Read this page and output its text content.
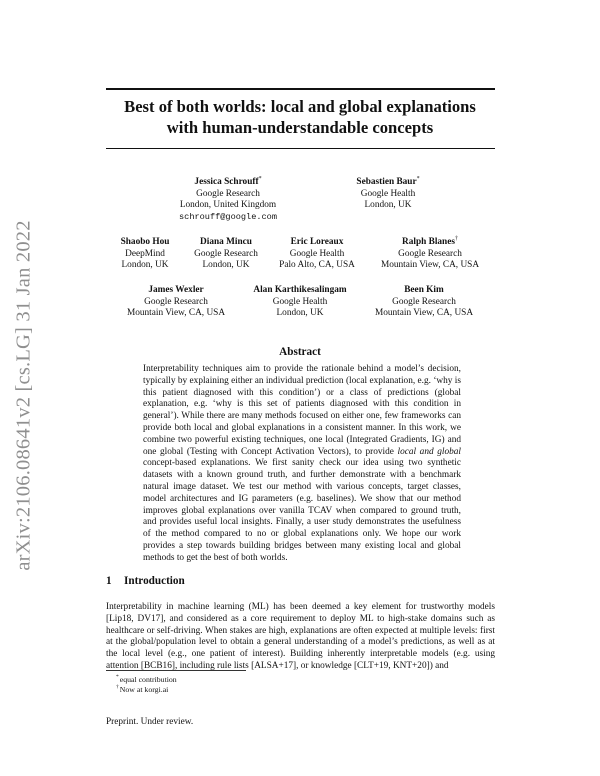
arXiv:2106.08641v2 [cs.LG] 31 Jan 2022
Best of both worlds: local and global explanations
with human-understandable concepts
Jessica Schrouff*
Google Research
London, United Kingdom
schrouff@google.com
Sebastien Baur*
Google Health
London, UK
Shaobo Hou
DeepMind
London, UK
Diana Mincu
Google Research
London, UK
Eric Loreaux
Google Health
Palo Alto, CA, USA
Ralph Blanes†
Google Research
Mountain View, CA, USA
James Wexler
Google Research
Mountain View, CA, USA
Alan Karthikesalingam
Google Health
London, UK
Been Kim
Google Research
Mountain View, CA, USA
Abstract
Interpretability techniques aim to provide the rationale behind a model’s decision, typically by explaining either an individual prediction (local explanation, e.g. ‘why is this patient diagnosed with this condition’) or a class of predictions (global explanation, e.g. ‘why is this set of patients diagnosed with this condition in general’). While there are many methods focused on either one, few frameworks can provide both local and global explanations in a consistent manner. In this work, we combine two powerful existing techniques, one local (Integrated Gradients, IG) and one global (Testing with Concept Activation Vectors), to provide local and global concept-based explanations. We first sanity check our idea using two synthetic datasets with a known ground truth, and further demonstrate with a benchmark natural image dataset. We test our method with various concepts, target classes, model architectures and IG parameters (e.g. baselines). We show that our method improves global explanations over vanilla TCAV when compared to ground truth, and provides useful local insights. Finally, a user study demonstrates the usefulness of the method compared to no or global explanations only. We hope our work provides a step towards building bridges between many existing local and global methods to get the best of both worlds.
1 Introduction
Interpretability in machine learning (ML) has been deemed a key element for trustworthy models [Lip18, DV17], and considered as a core requirement to deploy ML to high-stake domains such as healthcare or self-driving. When stakes are high, explanations are often expected at multiple levels: first at the global/population level to obtain a general understanding of a model’s predictions, as well as at the local level (e.g., one patient of interest). Building inherently interpretable models (e.g. using attention [BCB16], including rule lists [ALSA+17], or knowledge [CLT+19, KNT+20]) and
*equal contribution
†Now at korgi.ai
Preprint. Under review.
